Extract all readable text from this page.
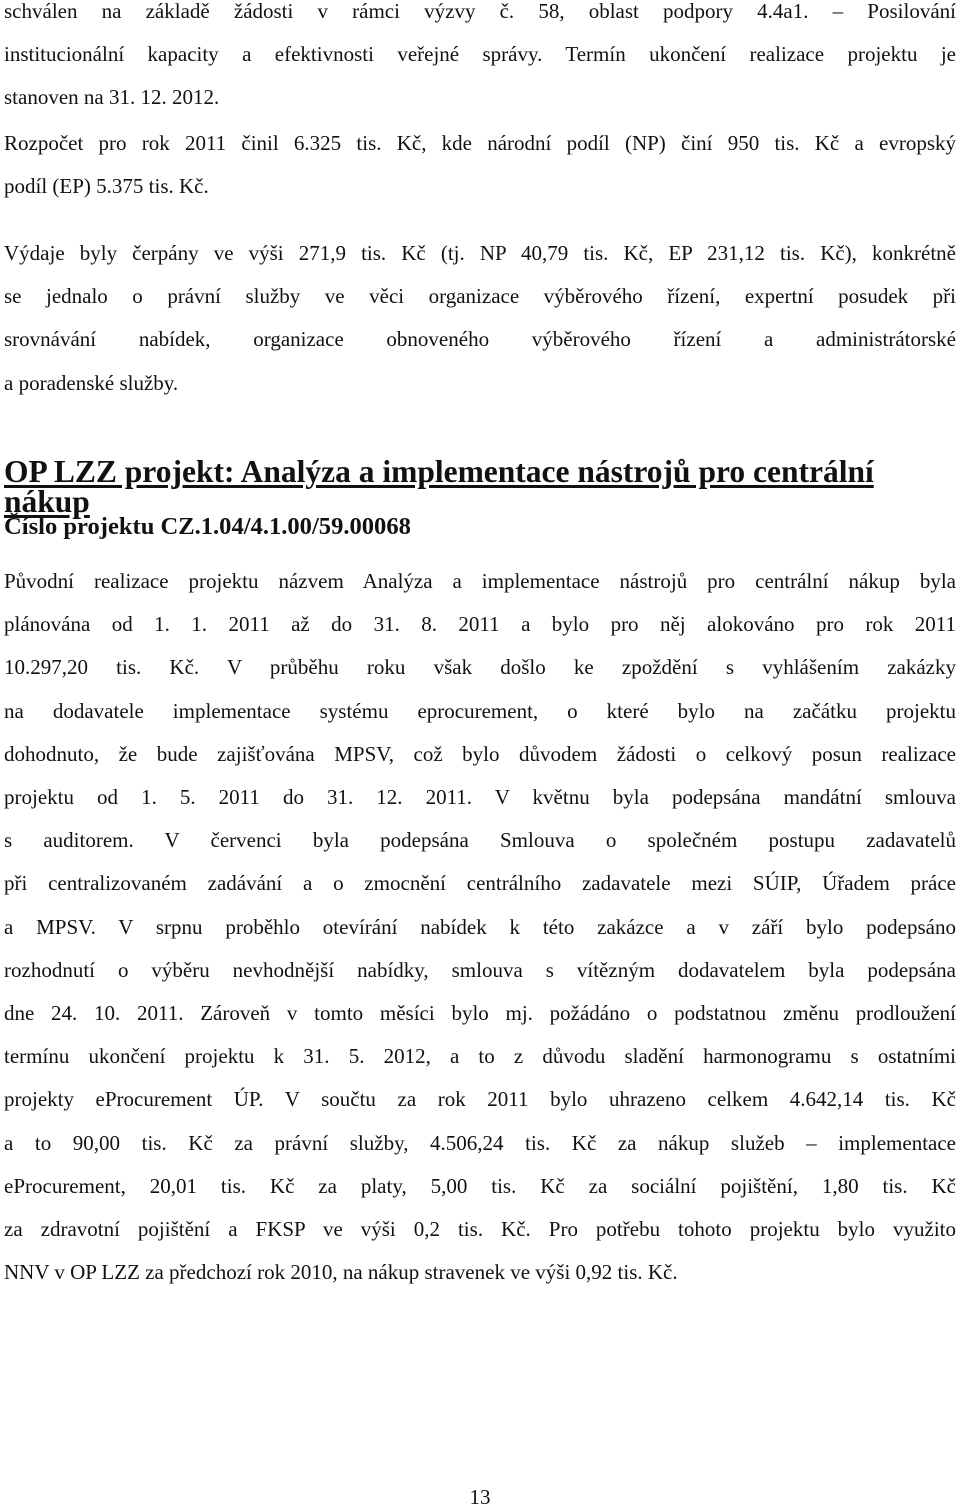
schválen na základě žádosti v rámci výzvy č. 58, oblast podpory 4.4a1. – Posilování
institucionální kapacity a efektivnosti veřejné správy. Termín ukončení realizace projektu je
stanoven na 31. 12. 2012.
Rozpočet pro rok 2011 činil 6.325 tis. Kč, kde národní podíl (NP) činí 950 tis. Kč a evropský
podíl (EP) 5.375 tis. Kč.
Výdaje byly čerpány ve výši 271,9 tis. Kč (tj. NP 40,79 tis. Kč, EP 231,12 tis. Kč), konkrétně
se jednalo o právní služby ve věci organizace výběrového řízení, expertní posudek při
srovnávání nabídek, organizace obnoveného výběrového řízení a administrátorské
a poradenské služby.
OP LZZ projekt: Analýza a implementace nástrojů pro centrální nákup
Číslo projektu CZ.1.04/4.1.00/59.00068
Původní realizace projektu názvem Analýza a implementace nástrojů pro centrální nákup byla
plánována od 1. 1. 2011 až do 31. 8. 2011 a bylo pro něj alokováno pro rok 2011
10.297,20 tis. Kč. V průběhu roku však došlo ke zpoždění s vyhlášením zakázky
na dodavatele implementace systému eprocurement, o které bylo na začátku projektu
dohodnuto, že bude zajišťována MPSV, což bylo důvodem žádosti o celkový posun realizace
projektu od 1. 5. 2011 do 31. 12. 2011. V květnu byla podepsána mandátní smlouva
s auditorem. V červenci byla podepsána Smlouva o společném postupu zadavatelů
při centralizovaném zadávání a o zmocnění centrálního zadavatele mezi SÚIP, Úřadem práce
a MPSV. V srpnu proběhlo otevírání nabídek k této zakázce a v září bylo podepsáno
rozhodnutí o výběru nevhodnější nabídky, smlouva s vítězným dodavatelem byla podepsána
dne 24. 10. 2011. Zároveň v tomto měsíci bylo mj. požádáno o podstatnou změnu prodloužení
termínu ukončení projektu k 31. 5. 2012, a to z důvodu sladění harmonogramu s ostatními
projekty eProcurement ÚP. V součtu za rok 2011 bylo uhrazeno celkem 4.642,14 tis. Kč
a to 90,00 tis. Kč za právní služby, 4.506,24 tis. Kč za nákup služeb – implementace
eProcurement, 20,01 tis. Kč za platy, 5,00 tis. Kč za sociální pojištění, 1,80 tis. Kč
za zdravotní pojištění a FKSP ve výši 0,2 tis. Kč. Pro potřebu tohoto projektu bylo využito
NNV v OP LZZ za předchozí rok 2010, na nákup stravenek ve výši 0,92 tis. Kč.
13
